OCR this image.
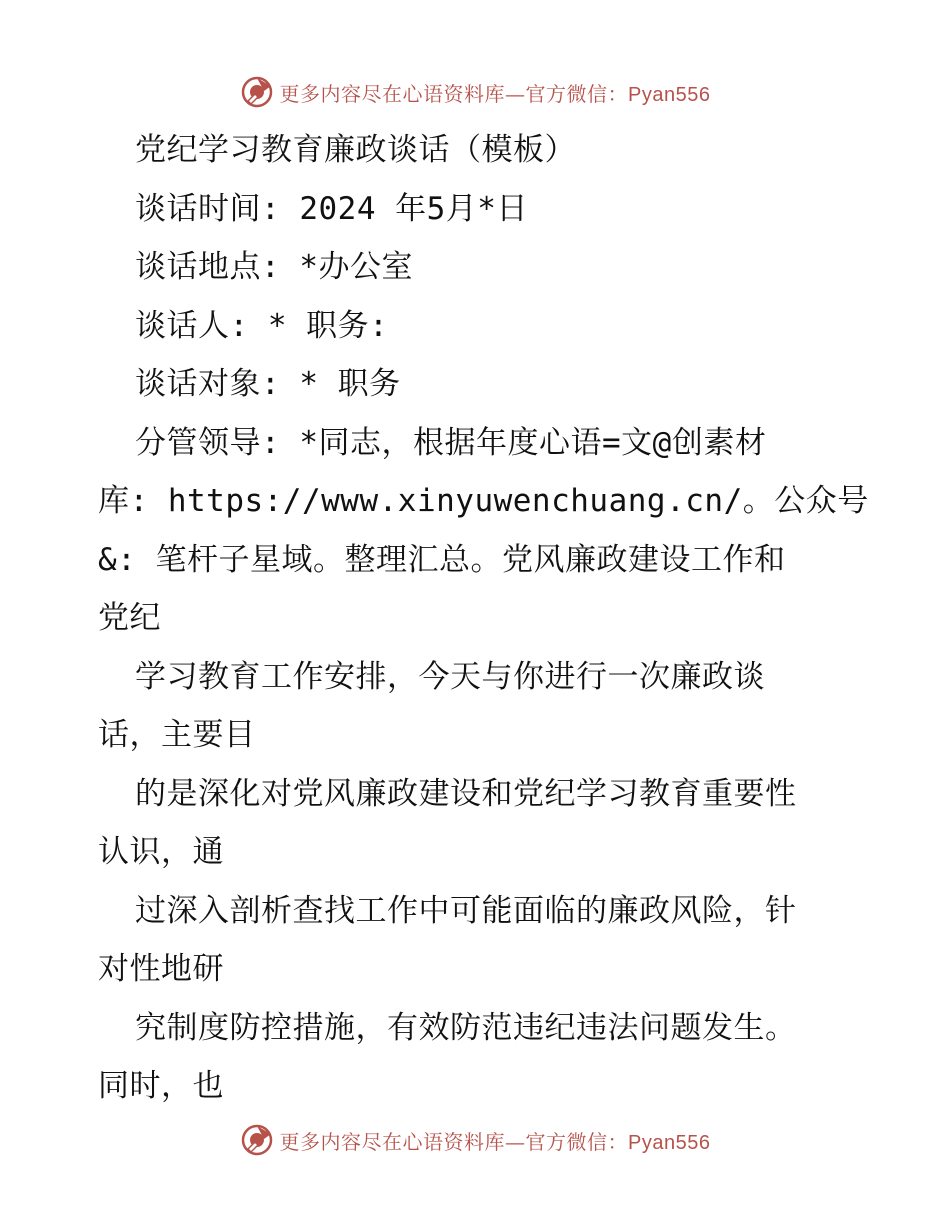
更多内容尽在心语资料库—官方微信：Pyan556
党纪学习教育廉政谈话（模板）
谈话时间: 2024 年5月*日
谈话地点: *办公室
谈话人: * 职务:
谈话对象: * 职务
分管领导: *同志，根据年度心语=文@创素材
库: https://www.xinyuwenchuang.cn/。公众号
&: 笔杆子星域。整理汇总。党风廉政建设工作和
党纪
学习教育工作安排，今天与你进行一次廉政谈
话，主要目
的是深化对党风廉政建设和党纪学习教育重要性
认识，通
过深入剖析查找工作中可能面临的廉政风险，针
对性地研
究制度防控措施，有效防范违纪违法问题发生。
同时，也
更多内容尽在心语资料库—官方微信：Pyan556
